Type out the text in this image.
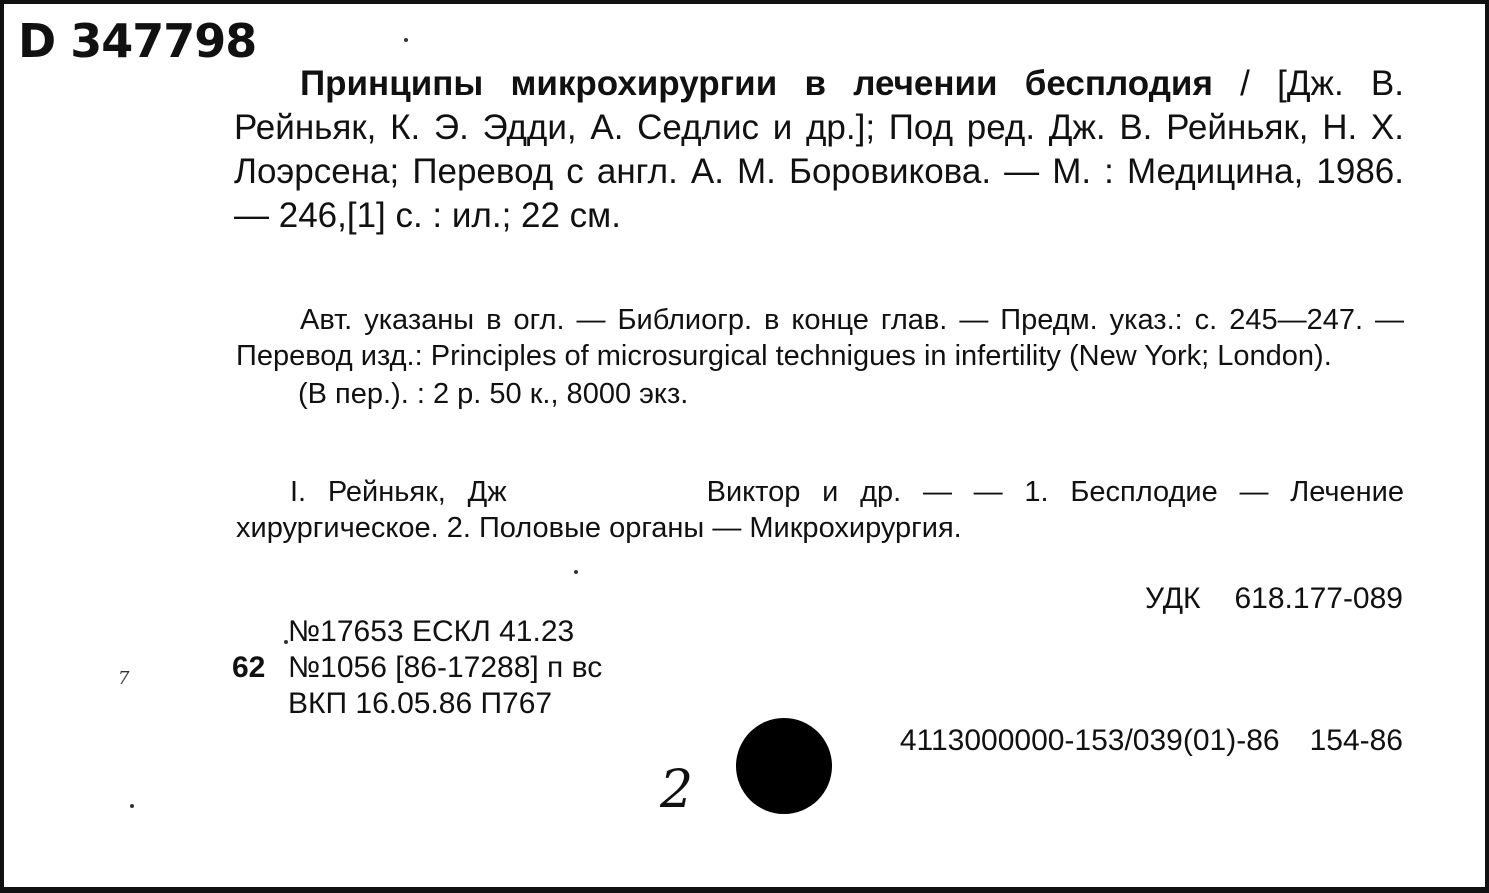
D 347798
Принципы микрохирургии в лечении бесплодия / [Дж. В. Рейньяк, К. Э. Эдди, А. Седлис и др.]; Под ред. Дж. В. Рейньяк, Н. Х. Лоэрсена; Перевод с англ. А. М. Боровикова. — М. : Медицина, 1986. — 246,[1] с. : ил.; 22 см.
Авт. указаны в огл. — Библиогр. в конце глав. — Предм. указ.: с. 245—247. — Перевод изд.: Principles of microsurgical technigues in infertility (New York; London).
(В пер.). : 2 р. 50 к., 8000 экз.
I. Рейньяк, Дж	Виктор и др. — — 1. Бесплодие — Лечение хирургическое. 2. Половые органы — Микрохирургия.
УДК 618.177-089
№17653 ЕСКЛ 41.23
62 №1056 [86-17288] п вс
ВКП 16.05.86 П767
4113000000-153/039(01)-86 154-86
2
7
